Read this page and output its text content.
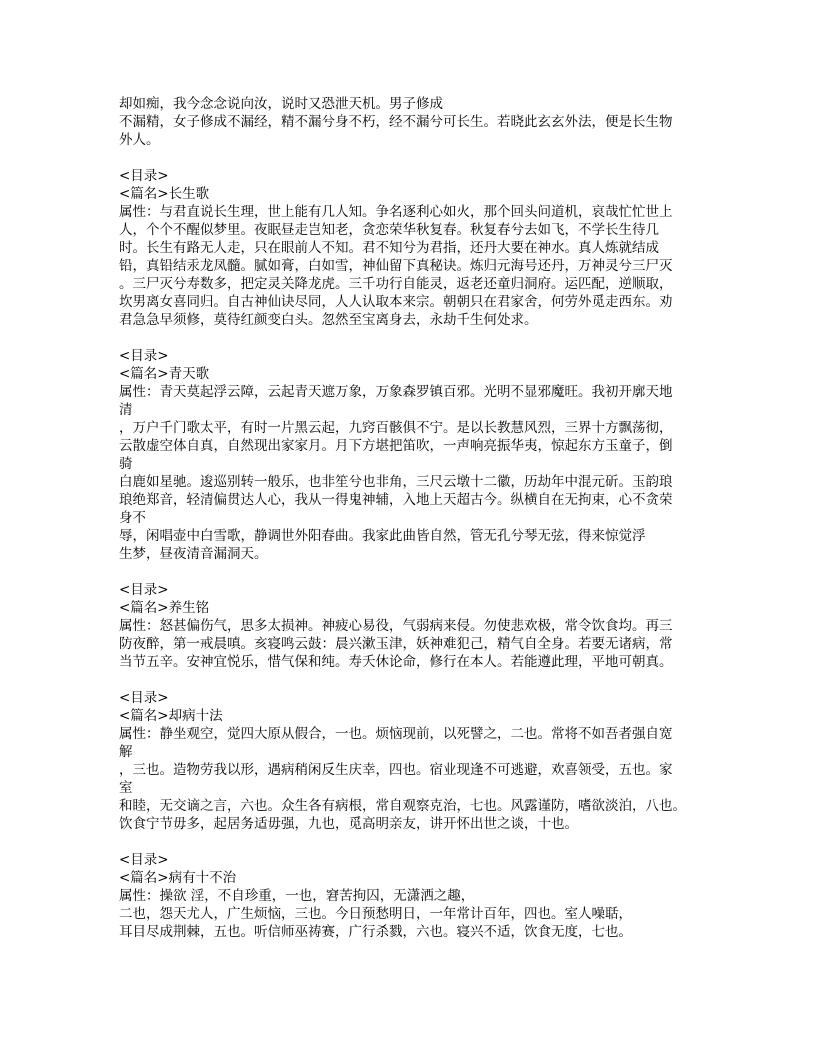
却如痴，我今念念说向汝，说时又恐泄天机。男子修成
不漏精，女子修成不漏经，精不漏兮身不朽，经不漏兮可长生。若晓此玄玄外法，便是长生物
外人。
<目录>
<篇名>长生歌
属性：与君直说长生理，世上能有几人知。争名逐利心如火，那个回头问道机，哀哉忙忙世上
人，个个不醒似梦里。夜眠昼走岂知老，贪恋荣华秋复春。秋复春兮去如飞，不学长生待几
时。长生有路无人走，只在眼前人不知。君不知兮为君指，还丹大要在神水。真人炼就结成
铅，真铅结汞龙凤髓。腻如膏，白如雪，神仙留下真秘诀。炼归元海号还丹，万神灵兮三尸灭
。三尸灭兮寿数多，把定灵关降龙虎。三千功行自能灵，返老还童归洞府。运匹配，逆顺取，
坎男离女喜同归。自古神仙诀尽同，人人认取本来宗。朝朝只在君家舍，何劳外觅走西东。劝
君急急早须修，莫待红颜变白头。忽然至宝离身去，永劫千生何处求。
<目录>
<篇名>青天歌
属性：青天莫起浮云障，云起青天遮万象，万象森罗镇百邪。光明不显邪魔旺。我初开廓天地
清
，万户千门歌太平，有时一片黑云起，九窍百骸俱不宁。是以长教慧风烈，三界十方飘荡彻，
云散虚空体自真，自然现出家家月。月下方堪把笛吹，一声响亮振华夷，惊起东方玉童子，倒
骑
白鹿如星驰。逡巡别转一般乐，也非笙兮也非角，三尺云墩十二徽，历劫年中混元斫。玉韵琅
琅绝郑音，轻清偏贯达人心，我从一得鬼神辅，入地上天超古今。纵横自在无拘束，心不贪荣
身不
辱，闲唱壶中白雪歌，静调世外阳春曲。我家此曲皆自然，管无孔兮琴无弦，得来惊觉浮
生梦，昼夜清音漏洞天。
<目录>
<篇名>养生铭
属性：怒甚偏伤气，思多太损神。神疲心易役，气弱病来侵。勿使悲欢极，常令饮食均。再三
防夜醉，第一戒晨嗔。亥寝鸣云鼓：晨兴漱玉津，妖神难犯己，精气自全身。若要无诸病，常
当节五辛。安神宜悦乐，惜气保和纯。寿夭休论命，修行在本人。若能遵此理，平地可朝真。
<目录>
<篇名>却病十法
属性：静坐观空，觉四大原从假合，一也。烦恼现前，以死譬之，二也。常将不如吾者强自宽
解
，三也。造物劳我以形，遇病稍闲反生庆幸，四也。宿业现逢不可逃避，欢喜领受，五也。家
室
和睦，无交谪之言，六也。众生各有病根，常自观察克治，七也。风露谨防，嗜欲淡泊，八也。
饮食宁节毋多，起居务适毋强，九也，觅高明亲友，讲开怀出世之谈，十也。
<目录>
<篇名>病有十不治
属性：操欲 淫，不自珍重，一也，窘苦拘囚，无潇洒之趣，
二也，怨天尤人，广生烦恼，三也。今日预愁明日，一年常计百年，四也。室人噪聒，
耳目尽成荆棘，五也。听信师巫祷赛，广行杀戮，六也。寝兴不适，饮食无度，七也。
